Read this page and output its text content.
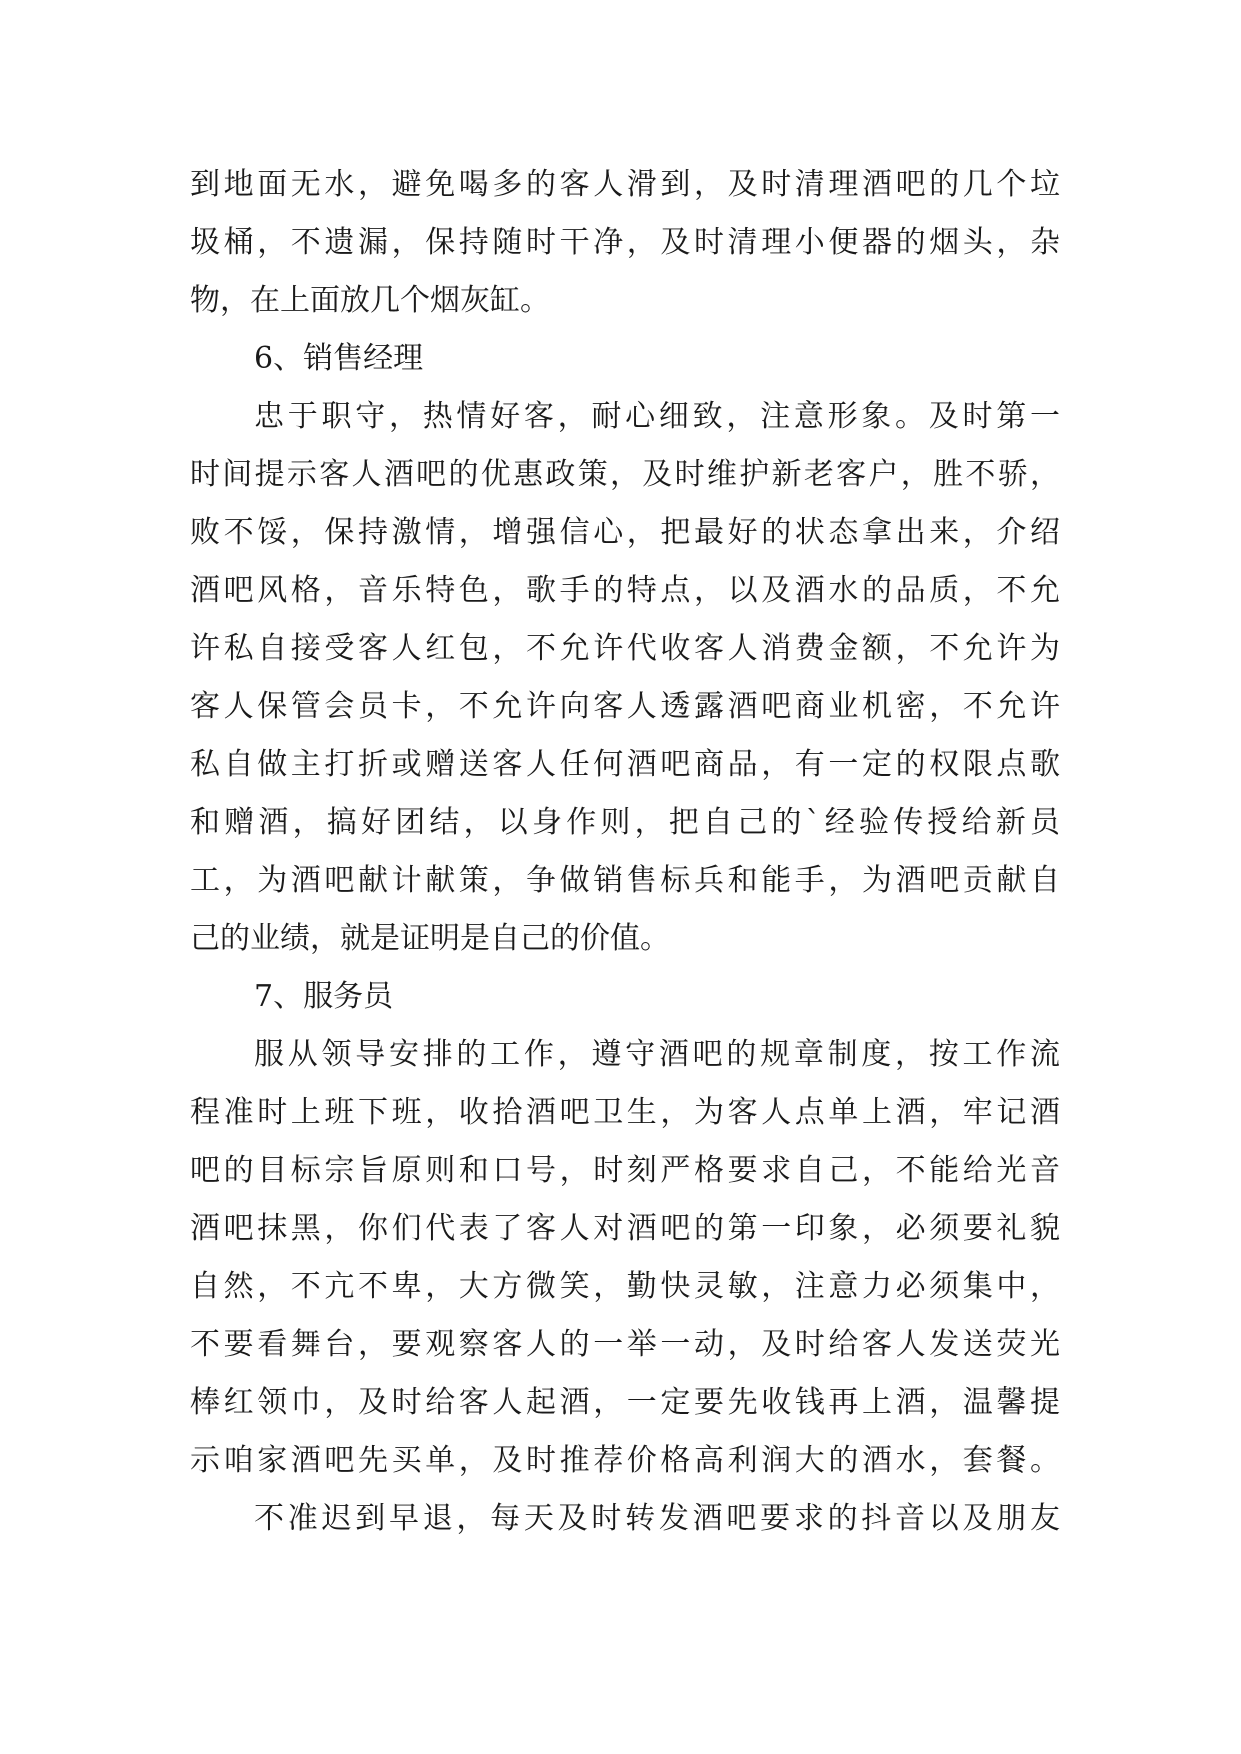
到地面无水，避免喝多的客人滑到，及时清理酒吧的几个垃
圾桶，不遗漏，保持随时干净，及时清理小便器的烟头，杂
物，在上面放几个烟灰缸。
6、销售经理
忠于职守，热情好客，耐心细致，注意形象。及时第一
时间提示客人酒吧的优惠政策，及时维护新老客户，胜不骄，
败不馁，保持激情，增强信心，把最好的状态拿出来，介绍
酒吧风格，音乐特色，歌手的特点，以及酒水的品质，不允
许私自接受客人红包，不允许代收客人消费金额，不允许为
客人保管会员卡，不允许向客人透露酒吧商业机密，不允许
私自做主打折或赠送客人任何酒吧商品，有一定的权限点歌
和赠酒，搞好团结，以身作则，把自己的`经验传授给新员
工，为酒吧献计献策，争做销售标兵和能手，为酒吧贡献自
己的业绩，就是证明是自己的价值。
7、服务员
服从领导安排的工作，遵守酒吧的规章制度，按工作流
程准时上班下班，收拾酒吧卫生，为客人点单上酒，牢记酒
吧的目标宗旨原则和口号，时刻严格要求自己，不能给光音
酒吧抹黑，你们代表了客人对酒吧的第一印象，必须要礼貌
自然，不亢不卑，大方微笑，勤快灵敏，注意力必须集中，
不要看舞台，要观察客人的一举一动，及时给客人发送荧光
棒红领巾，及时给客人起酒，一定要先收钱再上酒，温馨提
示咱家酒吧先买单，及时推荐价格高利润大的酒水，套餐。
不准迟到早退，每天及时转发酒吧要求的抖音以及朋友
